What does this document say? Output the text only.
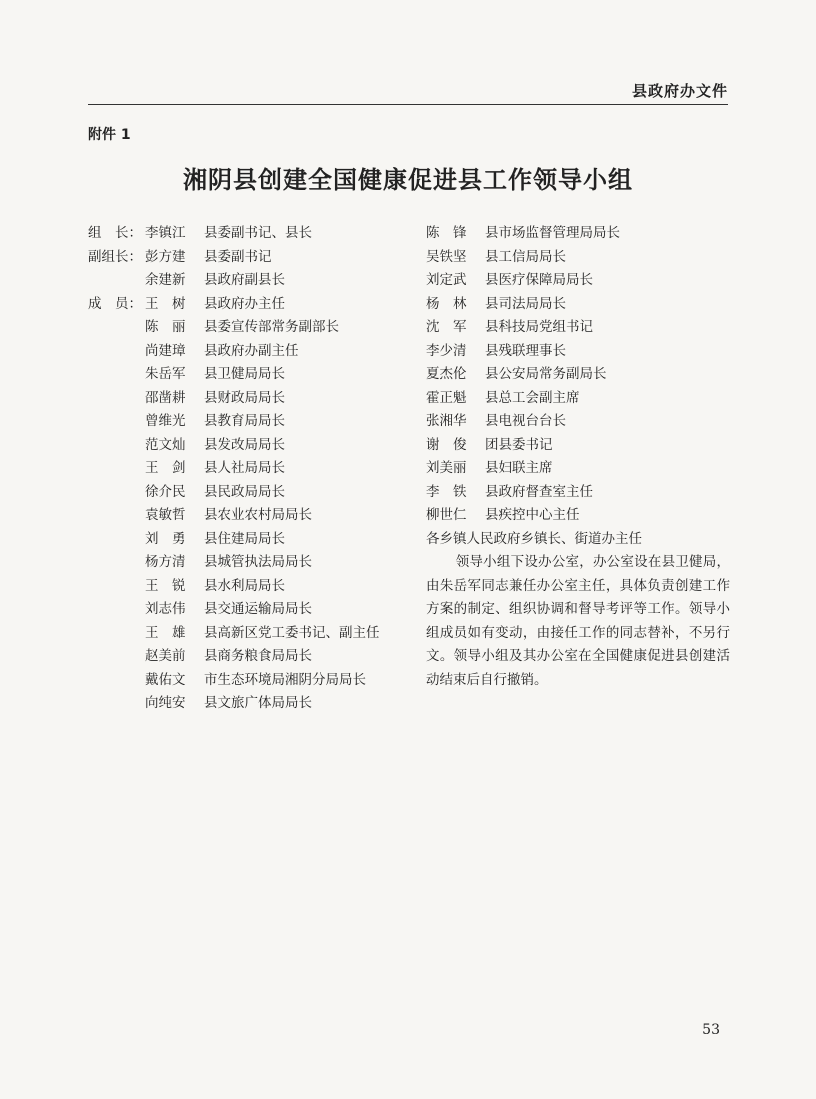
县政府办文件
附件 1
湘阴县创建全国健康促进县工作领导小组
组　长： 李镇江	县委副书记、县长
副组长： 彭方建	县委副书记
余建新	县政府副县长
成　员： 王　树	县政府办主任
陈　丽	县委宣传部常务副部长
尚建璋	县政府办副主任
朱岳军	县卫健局局长
邵凿耕	县财政局局长
曾维光	县教育局局长
范文灿	县发改局局长
王　剑	县人社局局长
徐介民	县民政局局长
袁敏哲	县农业农村局局长
刘　勇	县住建局局长
杨方清	县城管执法局局长
王　锐	县水利局局长
刘志伟	县交通运输局局长
王　雄	县高新区党工委书记、副主任
赵美前	县商务粮食局局长
戴佑文	市生态环境局湘阴分局局长
向纯安	县文旅广体局局长
陈　锋	县市场监督管理局局长
吴铁坚	县工信局局长
刘定武	县医疗保障局局长
杨　林	县司法局局长
沈　军	县科技局党组书记
李少清	县残联理事长
夏杰伦	县公安局常务副局长
霍正魁	县总工会副主席
张湘华	县电视台台长
谢　俊	团县委书记
刘美丽	县妇联主席
李　铁	县政府督查室主任
柳世仁	县疾控中心主任
各乡镇人民政府乡镇长、街道办主任

领导小组下设办公室，办公室设在县卫健局，由朱岳军同志兼任办公室主任，具体负责创建工作方案的制定、组织协调和督导考评等工作。领导小组成员如有变动，由接任工作的同志替补，不另行文。领导小组及其办公室在全国健康促进县创建活动结束后自行撤销。

53
